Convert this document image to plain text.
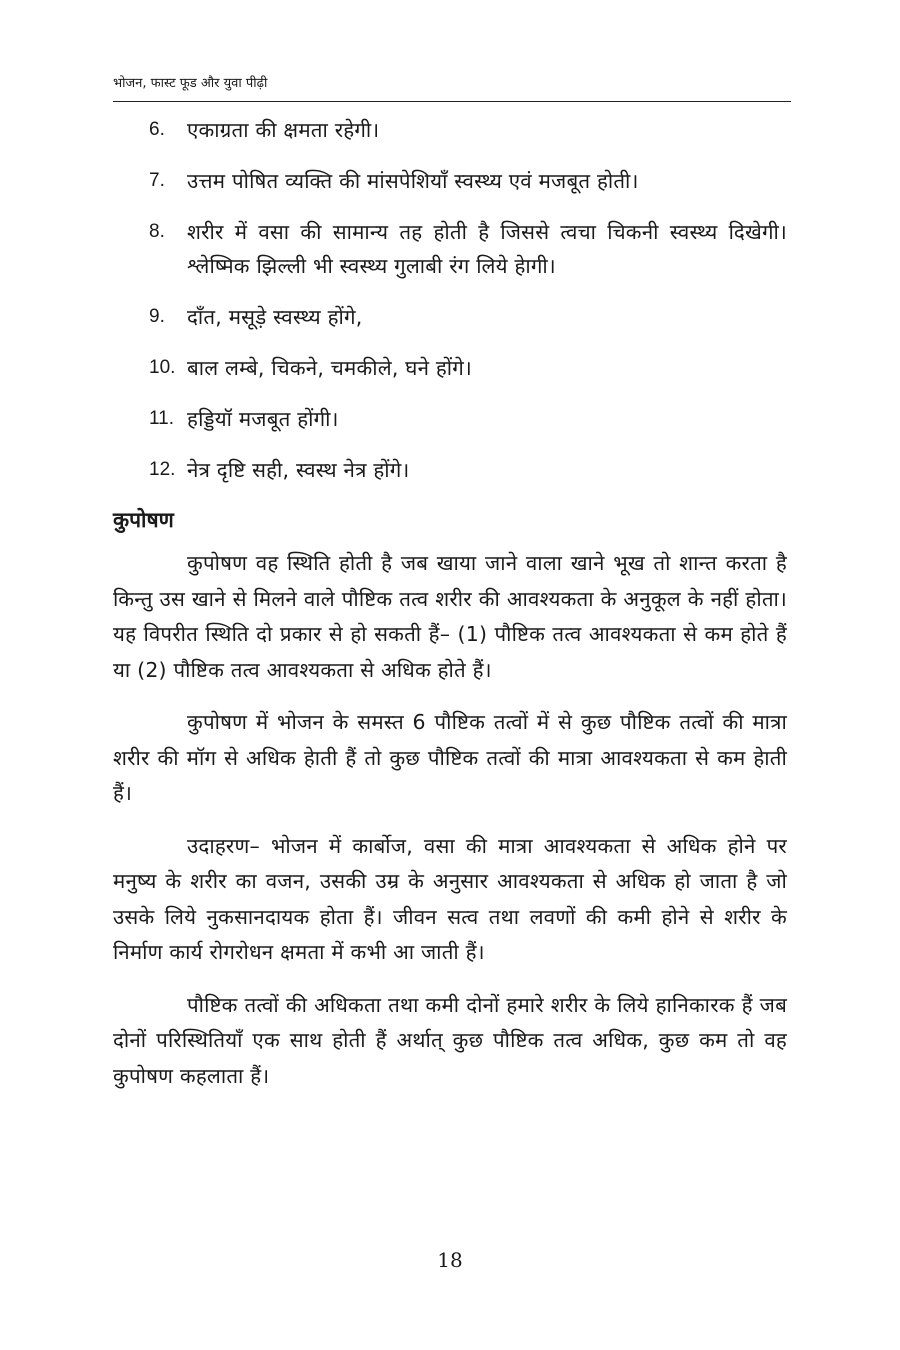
भोजन, फास्ट फूड और युवा पीढ़ी
6.	एकाग्रता की क्षमता रहेगी।
7.	उत्तम पोषित व्यक्ति की मांसपेशियाँ स्वस्थ्य एवं मजबूत होती।
8.	शरीर में वसा की सामान्य तह होती है जिससे त्वचा चिकनी स्वस्थ्य दिखेगी। श्लेष्मिक झिल्ली भी स्वस्थ्य गुलाबी रंग लिये हेागी।
9.	दाँत, मसूड़े स्वस्थ्य होंगे,
10. बाल लम्बे, चिकने, चमकीले, घने होंगे।
11. हड्डियॉ मजबूत होंगी।
12. नेत्र दृष्टि सही, स्वस्थ नेत्र होंगे।
कुपोषण

कुपोषण वह स्थिति होती है जब खाया जाने वाला खाने भूख तो शान्त करता है किन्तु उस खाने से मिलने वाले पौष्टिक तत्व शरीर की आवश्यकता के अनुकूल के नहीं होता। यह विपरीत स्थिति दो प्रकार से हो सकती हैं– (1) पौष्टिक तत्व आवश्यकता से कम होते हैं या (2) पौष्टिक तत्व आवश्यकता से अधिक होते हैं।

कुपोषण में भोजन के समस्त 6 पौष्टिक तत्वों में से कुछ पौष्टिक तत्वों की मात्रा शरीर की मॉग से अधिक हेाती हैं तो कुछ पौष्टिक तत्वों की मात्रा आवश्यकता से कम हेाती हैं।

उदाहरण– भोजन में कार्बोज, वसा की मात्रा आवश्यकता से अधिक होने पर मनुष्य के शरीर का वजन, उसकी उम्र के अनुसार आवश्यकता से अधिक हो जाता है जो उसके लिये नुकसानदायक होता हैं। जीवन सत्व तथा लवणों की कमी होने से शरीर के निर्माण कार्य रोगरोधन क्षमता में कभी आ जाती हैं।

पौष्टिक तत्वों की अधिकता तथा कमी दोनों हमारे शरीर के लिये हानिकारक हैं जब दोनों परिस्थितियाँ एक साथ होती हैं अर्थात् कुछ पौष्टिक तत्व अधिक, कुछ कम तो वह कुपोषण कहलाता हैं।

18
